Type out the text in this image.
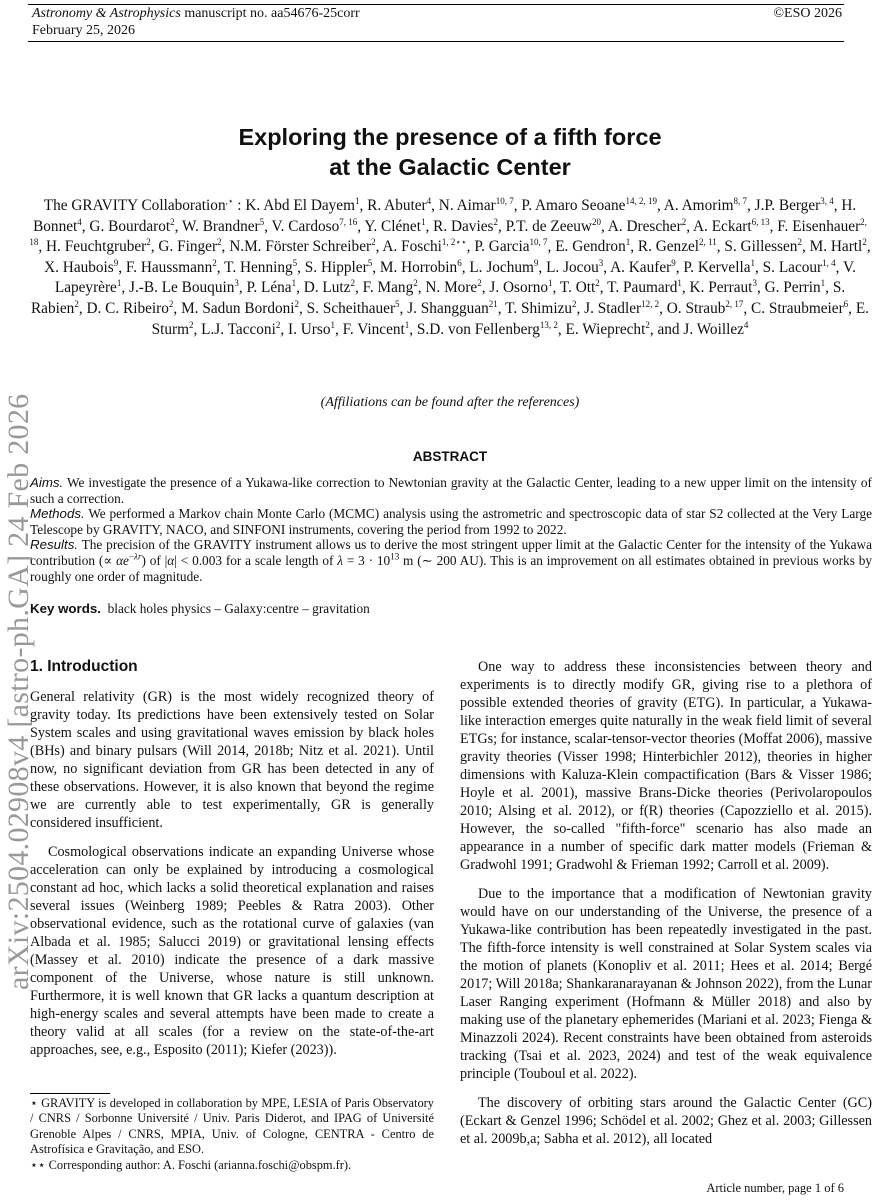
Astronomy & Astrophysics manuscript no. aa54676-25corr
February 25, 2026
©ESO 2026
arXiv:2504.02908v4 [astro-ph.GA] 24 Feb 2026
Exploring the presence of a fifth force
at the Galactic Center
The GRAVITY Collaboration,⋆ : K. Abd El Dayem$^1$, R. Abuter$^4$, N. Aimar$^{10, 7}$, P. Amaro Seoane$^{14, 2, 19}$, A. Amorim$^{8, 7}$, J.P. Berger$^{3, 4}$, H. Bonnet$^4$, G. Bourdarot$^2$, W. Brandner$^5$, V. Cardoso$^{7, 16}$, Y. Clénet$^1$, R. Davies$^2$, P.T. de Zeeuw$^{20}$, A. Drescher$^2$, A. Eckart$^{6, 13}$, F. Eisenhauer$^{2, 18}$, H. Feuchtgruber$^2$, G. Finger$^2$, N.M. Förster Schreiber$^2$, A. Foschi$^{1, 2⋆⋆}$, P. Garcia$^{10, 7}$, E. Gendron$^1$, R. Genzel$^{2, 11}$, S. Gillessen$^2$, M. Hartl$^2$, X. Haubois$^9$, F. Haussmann$^2$, T. Henning$^5$, S. Hippler$^5$, M. Horrobin$^6$, L. Jochum$^9$, L. Jocou$^3$, A. Kaufer$^9$, P. Kervella$^1$, S. Lacour$^{1, 4}$, V. Lapeyrère$^1$, J.-B. Le Bouquin$^3$, P. Léna$^1$, D. Lutz$^2$, F. Mang$^2$, N. More$^2$, J. Osorno$^1$, T. Ott$^2$, T. Paumard$^1$, K. Perraut$^3$, G. Perrin$^1$, S. Rabien$^2$, D. C. Ribeiro$^2$, M. Sadun Bordoni$^2$, S. Scheithauer$^5$, J. Shangguan$^{21}$, T. Shimizu$^2$, J. Stadler$^{12, 2}$, O. Straub$^{2, 17}$, C. Straubmeier$^6$, E. Sturm$^2$, L.J. Tacconi$^2$, I. Urso$^1$, F. Vincent$^1$, S.D. von Fellenberg$^{13, 2}$, E. Wieprecht$^2$, and J. Woillez$^4$
(Affiliations can be found after the references)
ABSTRACT

Aims. We investigate the presence of a Yukawa-like correction to Newtonian gravity at the Galactic Center, leading to a new upper limit on the intensity of such a correction.

Methods. We performed a Markov chain Monte Carlo (MCMC) analysis using the astrometric and spectroscopic data of star S2 collected at the Very Large Telescope by GRAVITY, NACO, and SINFONI instruments, covering the period from 1992 to 2022.

Results. The precision of the GRAVITY instrument allows us to derive the most stringent upper limit at the Galactic Center for the intensity of the Yukawa contribution (∝ $\alpha e^{-\lambda r}$) of |α| < 0.003 for a scale length of $\lambda = 3 \cdot 10^{13}$ m (∼ 200 AU). This is an improvement on all estimates obtained in previous works by roughly one order of magnitude.

Key words. black holes physics – Galaxy:centre – gravitation
1. Introduction

General relativity (GR) is the most widely recognized theory of gravity today. Its predictions have been extensively tested on Solar System scales and using gravitational waves emission by black holes (BHs) and binary pulsars (Will 2014, 2018b; Nitz et al. 2021). Until now, no significant deviation from GR has been detected in any of these observations. However, it is also known that beyond the regime we are currently able to test experimentally, GR is generally considered insufficient.

Cosmological observations indicate an expanding Universe whose acceleration can only be explained by introducing a cosmological constant ad hoc, which lacks a solid theoretical explanation and raises several issues (Weinberg 1989; Peebles & Ratra 2003). Other observational evidence, such as the rotational curve of galaxies (van Albada et al. 1985; Salucci 2019) or gravitational lensing effects (Massey et al. 2010) indicate the presence of a dark massive component of the Universe, whose nature is still unknown. Furthermore, it is well known that GR lacks a quantum description at high-energy scales and several attempts have been made to create a theory valid at all scales (for a review on the state-of-the-art approaches, see, e.g., Esposito (2011); Kiefer (2023)).

⋆ GRAVITY is developed in collaboration by MPE, LESIA of Paris Observatory / CNRS / Sorbonne Université / Univ. Paris Diderot, and IPAG of Université Grenoble Alpes / CNRS, MPIA, Univ. of Cologne, CENTRA - Centro de Astrofísica e Gravitação, and ESO.

⋆⋆ Corresponding author: A. Foschi (arianna.foschi@obspm.fr).

One way to address these inconsistencies between theory and experiments is to directly modify GR, giving rise to a plethora of possible extended theories of gravity (ETG). In particular, a Yukawa-like interaction emerges quite naturally in the weak field limit of several ETGs; for instance, scalar-tensor-vector theories (Moffat 2006), massive gravity theories (Visser 1998; Hinterbichler 2012), theories in higher dimensions with Kaluza-Klein compactification (Bars & Visser 1986; Hoyle et al. 2001), massive Brans-Dicke theories (Perivolaropoulos 2010; Alsing et al. 2012), or f(R) theories (Capozziello et al. 2015). However, the so-called "fifth-force" scenario has also made an appearance in a number of specific dark matter models (Frieman & Gradwohl 1991; Gradwohl & Frieman 1992; Carroll et al. 2009).

Due to the importance that a modification of Newtonian gravity would have on our understanding of the Universe, the presence of a Yukawa-like contribution has been repeatedly investigated in the past. The fifth-force intensity is well constrained at Solar System scales via the motion of planets (Konopliv et al. 2011; Hees et al. 2014; Bergé 2017; Will 2018a; Shankaranarayanan & Johnson 2022), from the Lunar Laser Ranging experiment (Hofmann & Müller 2018) and also by making use of the planetary ephemerides (Mariani et al. 2023; Fienga & Minazzoli 2024). Recent constraints have been obtained from asteroids tracking (Tsai et al. 2023, 2024) and test of the weak equivalence principle (Touboul et al. 2022).

The discovery of orbiting stars around the Galactic Center (GC) (Eckart & Genzel 1996; Schödel et al. 2002; Ghez et al. 2003; Gillessen et al. 2009b,a; Sabha et al. 2012), all located

Article number, page 1 of 6
